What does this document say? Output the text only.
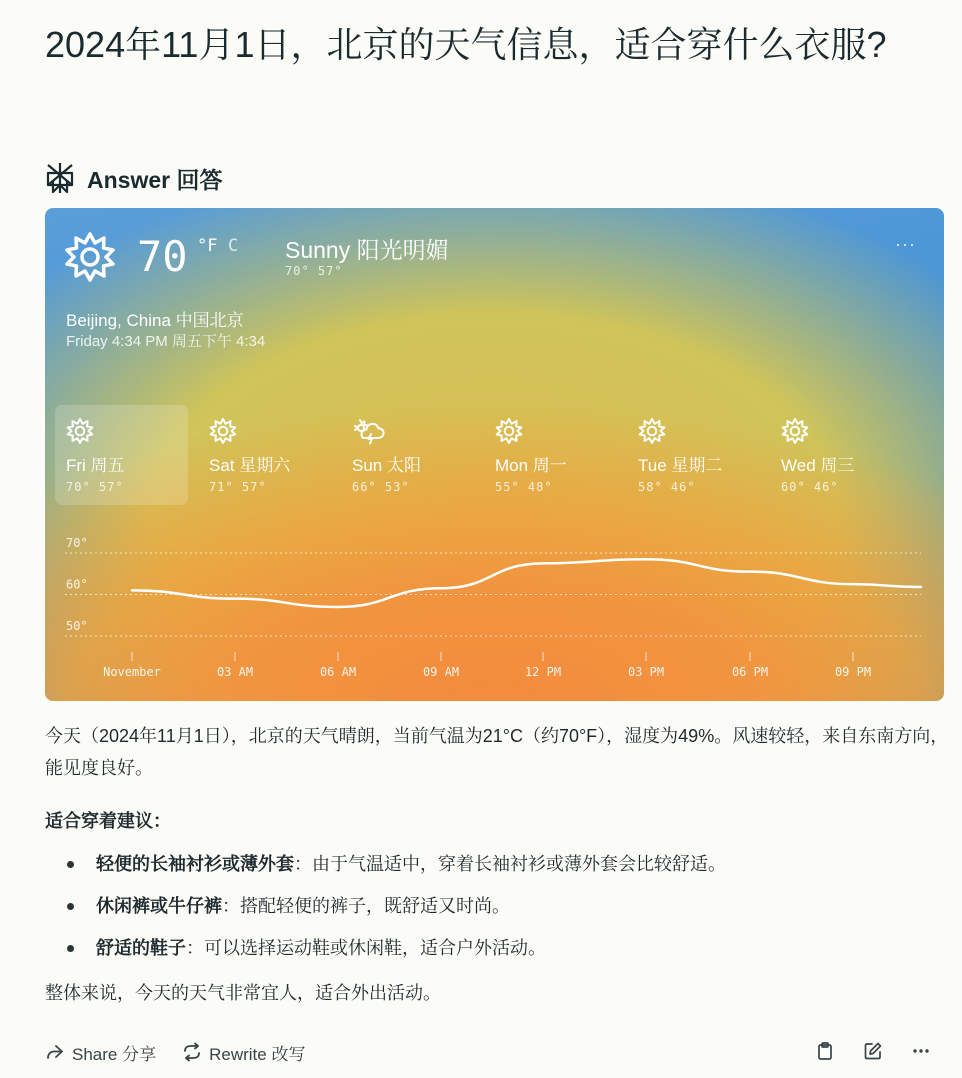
2024年11月1日，北京的天气信息，适合穿什么衣服?
Answer 回答
70 °F C Sunny 阳光明媚
70° 57°
···
Beijing, China 中国北京
Friday 4:34 PM 周五下午 4:34
Fri 周五
70° 57°
Sat 星期六
71° 57°
Sun 太阳
66° 53°
Mon 周一
55° 48°
Tue 星期二
58° 46°
Wed 周三
60° 46°
70°
60°
50°
November	03 AM	06 AM	09 AM	12 PM	03 PM	06 PM	09 PM

今天（2024年11月1日），北京的天气晴朗，当前气温为21°C（约70°F），湿度为49%。风速较轻，来自东南方向，能见度良好。

适合穿着建议：
轻便的长袖衬衫或薄外套：由于气温适中，穿着长袖衬衫或薄外套会比较舒适。
休闲裤或牛仔裤：搭配轻便的裤子，既舒适又时尚。
舒适的鞋子：可以选择运动鞋或休闲鞋，适合户外活动。

整体来说，今天的天气非常宜人，适合外出活动。

Share 分享	Rewrite 改写
